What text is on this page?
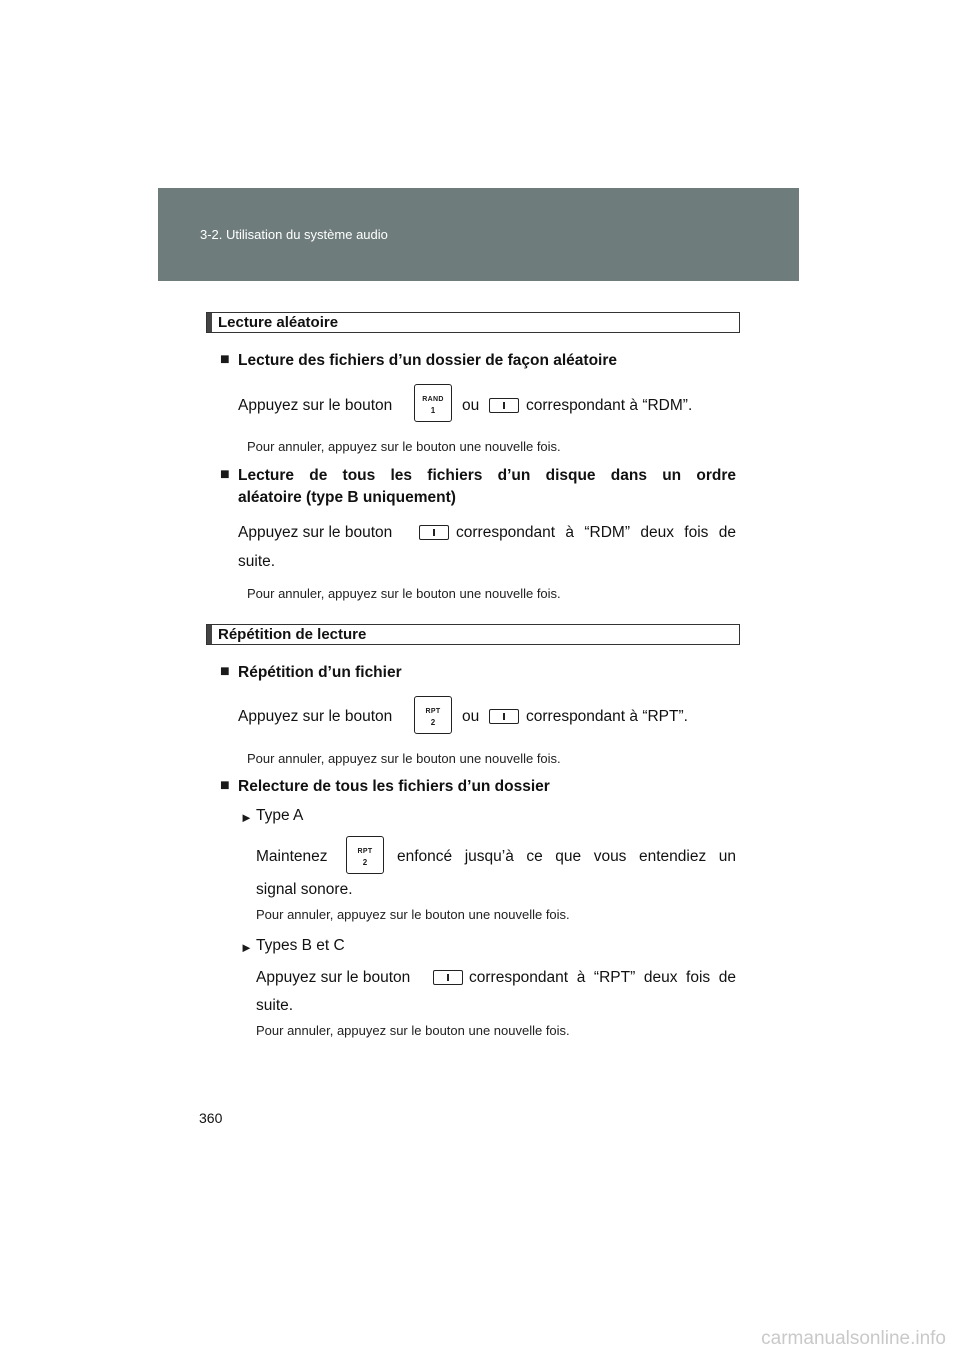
3-2. Utilisation du système audio
Lecture aléatoire
■ Lecture des fichiers d’un dossier de façon aléatoire
Appuyez sur le bouton	RAND
1	ou	correspondant à “RDM”.
Pour annuler, appuyez sur le bouton une nouvelle fois.
■ Lecture de tous les fichiers d’un disque dans un ordre
aléatoire (type B uniquement)
Appuyez sur le bouton	correspondant à “RDM” deux fois de
suite.
Pour annuler, appuyez sur le bouton une nouvelle fois.
Répétition de lecture
■ Répétition d’un fichier
Appuyez sur le bouton	RPT
2	ou	correspondant à “RPT”.
Pour annuler, appuyez sur le bouton une nouvelle fois.
■ Relecture de tous les fichiers d’un dossier
► Type A
Maintenez	RPT
2	enfoncé jusqu’à ce que vous entendiez un
signal sonore.
Pour annuler, appuyez sur le bouton une nouvelle fois.
► Types B et C
Appuyez sur le bouton	correspondant à “RPT” deux fois de
suite.
Pour annuler, appuyez sur le bouton une nouvelle fois.
360
carmanualsonline.info
